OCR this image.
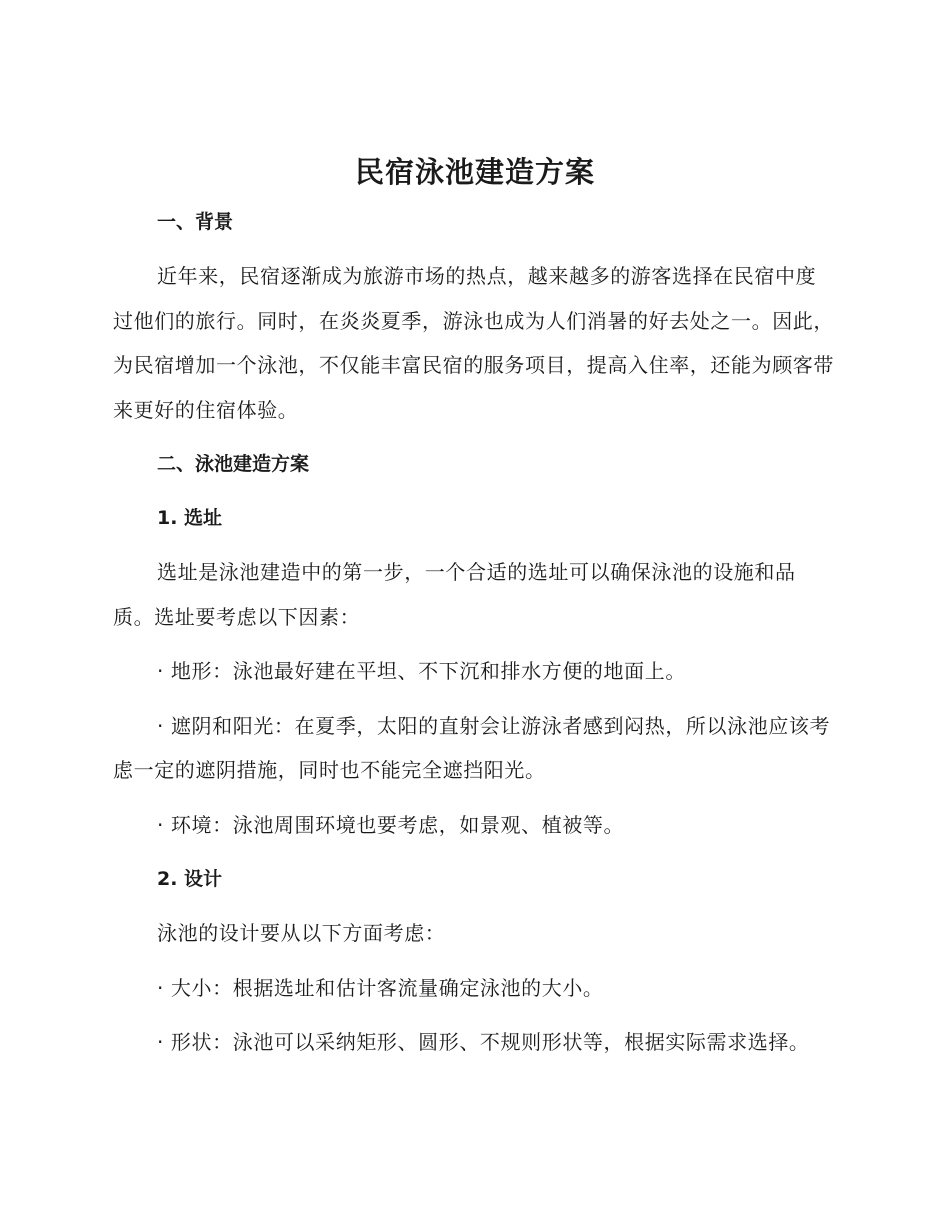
民宿泳池建造方案
一、背景

近年来，民宿逐渐成为旅游市场的热点，越来越多的游客选择在民宿中度过他们的旅行。同时，在炎炎夏季，游泳也成为人们消暑的好去处之一。因此，为民宿增加一个泳池，不仅能丰富民宿的服务项目，提高入住率，还能为顾客带来更好的住宿体验。

二、泳池建造方案
1. 选址

选址是泳池建造中的第一步，一个合适的选址可以确保泳池的设施和品质。选址要考虑以下因素：

· 地形：泳池最好建在平坦、不下沉和排水方便的地面上。

· 遮阴和阳光：在夏季，太阳的直射会让游泳者感到闷热，所以泳池应该考虑一定的遮阴措施，同时也不能完全遮挡阳光。

· 环境：泳池周围环境也要考虑，如景观、植被等。

2. 设计

泳池的设计要从以下方面考虑：

· 大小：根据选址和估计客流量确定泳池的大小。

· 形状：泳池可以采纳矩形、圆形、不规则形状等，根据实际需求选择。
